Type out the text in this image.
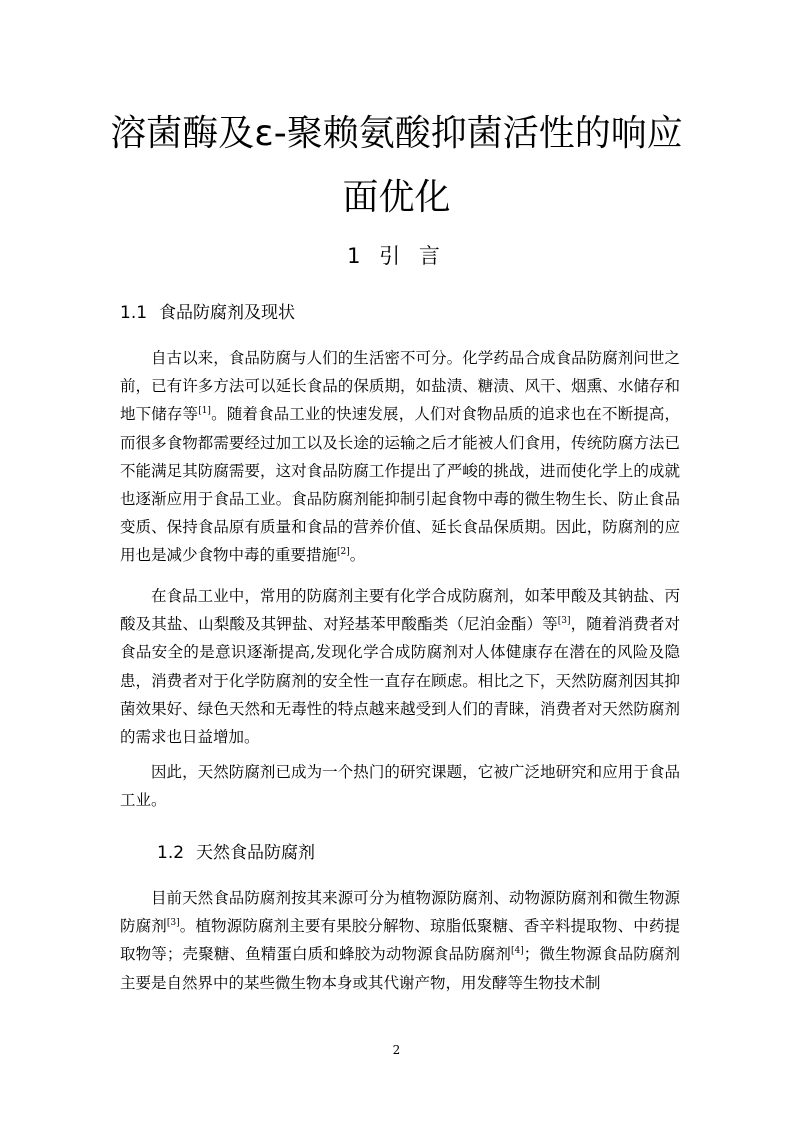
溶菌酶及ε-聚赖氨酸抑菌活性的响应面优化
1 引 言
1.1 食品防腐剂及现状

自古以来，食品防腐与人们的生活密不可分。化学药品合成食品防腐剂问世之前，已有许多方法可以延长食品的保质期，如盐渍、糖渍、风干、烟熏、水储存和地下储存等[1]。随着食品工业的快速发展，人们对食物品质的追求也在不断提高，而很多食物都需要经过加工以及长途的运输之后才能被人们食用，传统防腐方法已不能满足其防腐需要，这对食品防腐工作提出了严峻的挑战，进而使化学上的成就也逐渐应用于食品工业。食品防腐剂能抑制引起食物中毒的微生物生长、防止食品变质、保持食品原有质量和食品的营养价值、延长食品保质期。因此，防腐剂的应用也是减少食物中毒的重要措施[2]。

在食品工业中，常用的防腐剂主要有化学合成防腐剂，如苯甲酸及其钠盐、丙酸及其盐、山梨酸及其钾盐、对羟基苯甲酸酯类（尼泊金酯）等[3]，随着消费者对食品安全的是意识逐渐提高,发现化学合成防腐剂对人体健康存在潜在的风险及隐患，消费者对于化学防腐剂的安全性一直存在顾虑。相比之下，天然防腐剂因其抑菌效果好、绿色天然和无毒性的特点越来越受到人们的青睐，消费者对天然防腐剂的需求也日益增加。

因此，天然防腐剂已成为一个热门的研究课题，它被广泛地研究和应用于食品工业。

1.2 天然食品防腐剂

目前天然食品防腐剂按其来源可分为植物源防腐剂、动物源防腐剂和微生物源防腐剂[3]。植物源防腐剂主要有果胶分解物、琼脂低聚糖、香辛料提取物、中药提取物等；壳聚糖、鱼精蛋白质和蜂胶为动物源食品防腐剂[4]；微生物源食品防腐剂主要是自然界中的某些微生物本身或其代谢产物，用发酵等生物技术制

2
